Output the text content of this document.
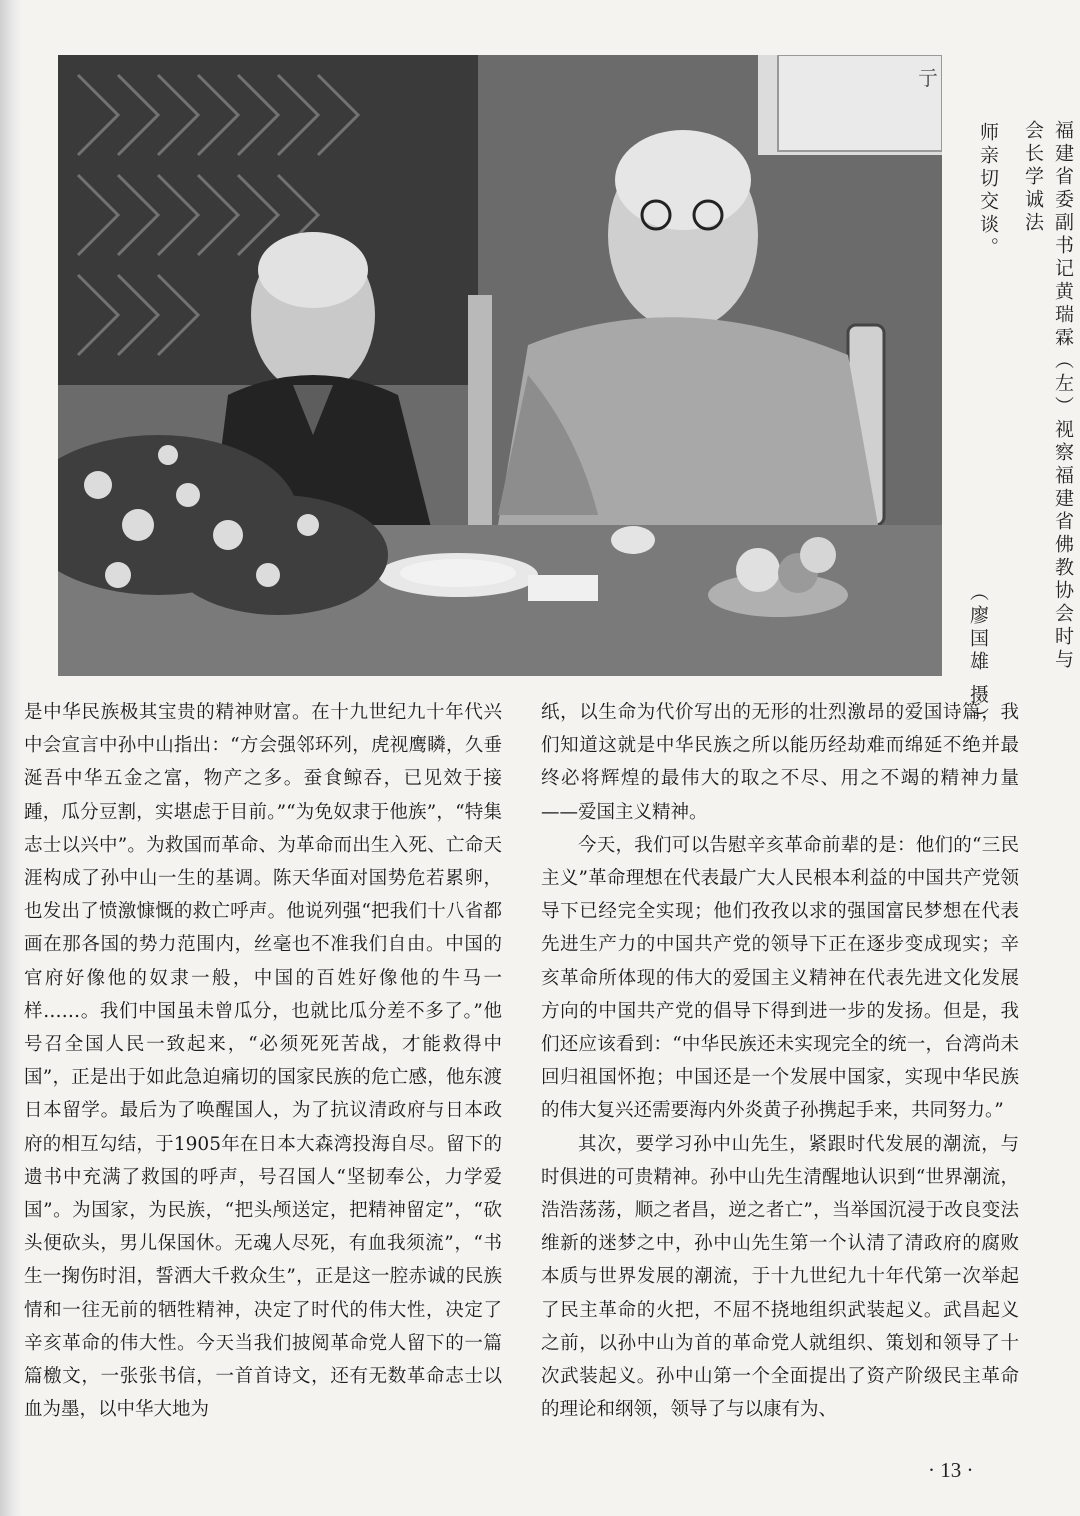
亍
福建省委副书记黄瑞霖（左）视察福建省佛教协会时与会长学诚法
师亲切交谈。
（廖国雄 摄）

是中华民族极其宝贵的精神财富。在十九世纪九十年代兴中会宣言中孙中山指出：“方会强邻环列，虎视鹰瞵，久垂涎吾中华五金之富，物产之多。蚕食鲸吞，已见效于接踵，瓜分豆割，实堪虑于目前。”“为免奴隶于他族”，“特集志士以兴中”。为救国而革命、为革命而出生入死、亡命天涯构成了孙中山一生的基调。陈天华面对国势危若累卵，也发出了愤激慷慨的救亡呼声。他说列强“把我们十八省都画在那各国的势力范围内，丝毫也不准我们自由。中国的官府好像他的奴隶一般，中国的百姓好像他的牛马一样……。我们中国虽未曾瓜分，也就比瓜分差不多了。”他号召全国人民一致起来，“必须死死苦战，才能救得中国”，正是出于如此急迫痛切的国家民族的危亡感，他东渡日本留学。最后为了唤醒国人，为了抗议清政府与日本政府的相互勾结，于1905年在日本大森湾投海自尽。留下的遗书中充满了救国的呼声，号召国人“坚韧奉公，力学爱国”。为国家，为民族，“把头颅送定，把精神留定”，“砍头便砍头，男儿保国休。无魂人尽死，有血我须流”，“书生一掬伤时泪，誓洒大千救众生”，正是这一腔赤诚的民族情和一往无前的牺牲精神，决定了时代的伟大性，决定了辛亥革命的伟大性。今天当我们披阅革命党人留下的一篇篇檄文，一张张书信，一首首诗文，还有无数革命志士以血为墨，以中华大地为

纸，以生命为代价写出的无形的壮烈激昂的爱国诗篇，我们知道这就是中华民族之所以能历经劫难而绵延不绝并最终必将辉煌的最伟大的取之不尽、用之不竭的精神力量——爱国主义精神。

今天，我们可以告慰辛亥革命前辈的是：他们的“三民主义”革命理想在代表最广大人民根本利益的中国共产党领导下已经完全实现；他们孜孜以求的强国富民梦想在代表先进生产力的中国共产党的领导下正在逐步变成现实；辛亥革命所体现的伟大的爱国主义精神在代表先进文化发展方向的中国共产党的倡导下得到进一步的发扬。但是，我们还应该看到：“中华民族还未实现完全的统一，台湾尚未回归祖国怀抱；中国还是一个发展中国家，实现中华民族的伟大复兴还需要海内外炎黄子孙携起手来，共同努力。”

其次，要学习孙中山先生，紧跟时代发展的潮流，与时俱进的可贵精神。孙中山先生清醒地认识到“世界潮流，浩浩荡荡，顺之者昌，逆之者亡”，当举国沉浸于改良变法维新的迷梦之中，孙中山先生第一个认清了清政府的腐败本质与世界发展的潮流，于十九世纪九十年代第一次举起了民主革命的火把，不屈不挠地组织武装起义。武昌起义之前，以孙中山为首的革命党人就组织、策划和领导了十次武装起义。孙中山第一个全面提出了资产阶级民主革命的理论和纲领，领导了与以康有为、

· 13 ·
